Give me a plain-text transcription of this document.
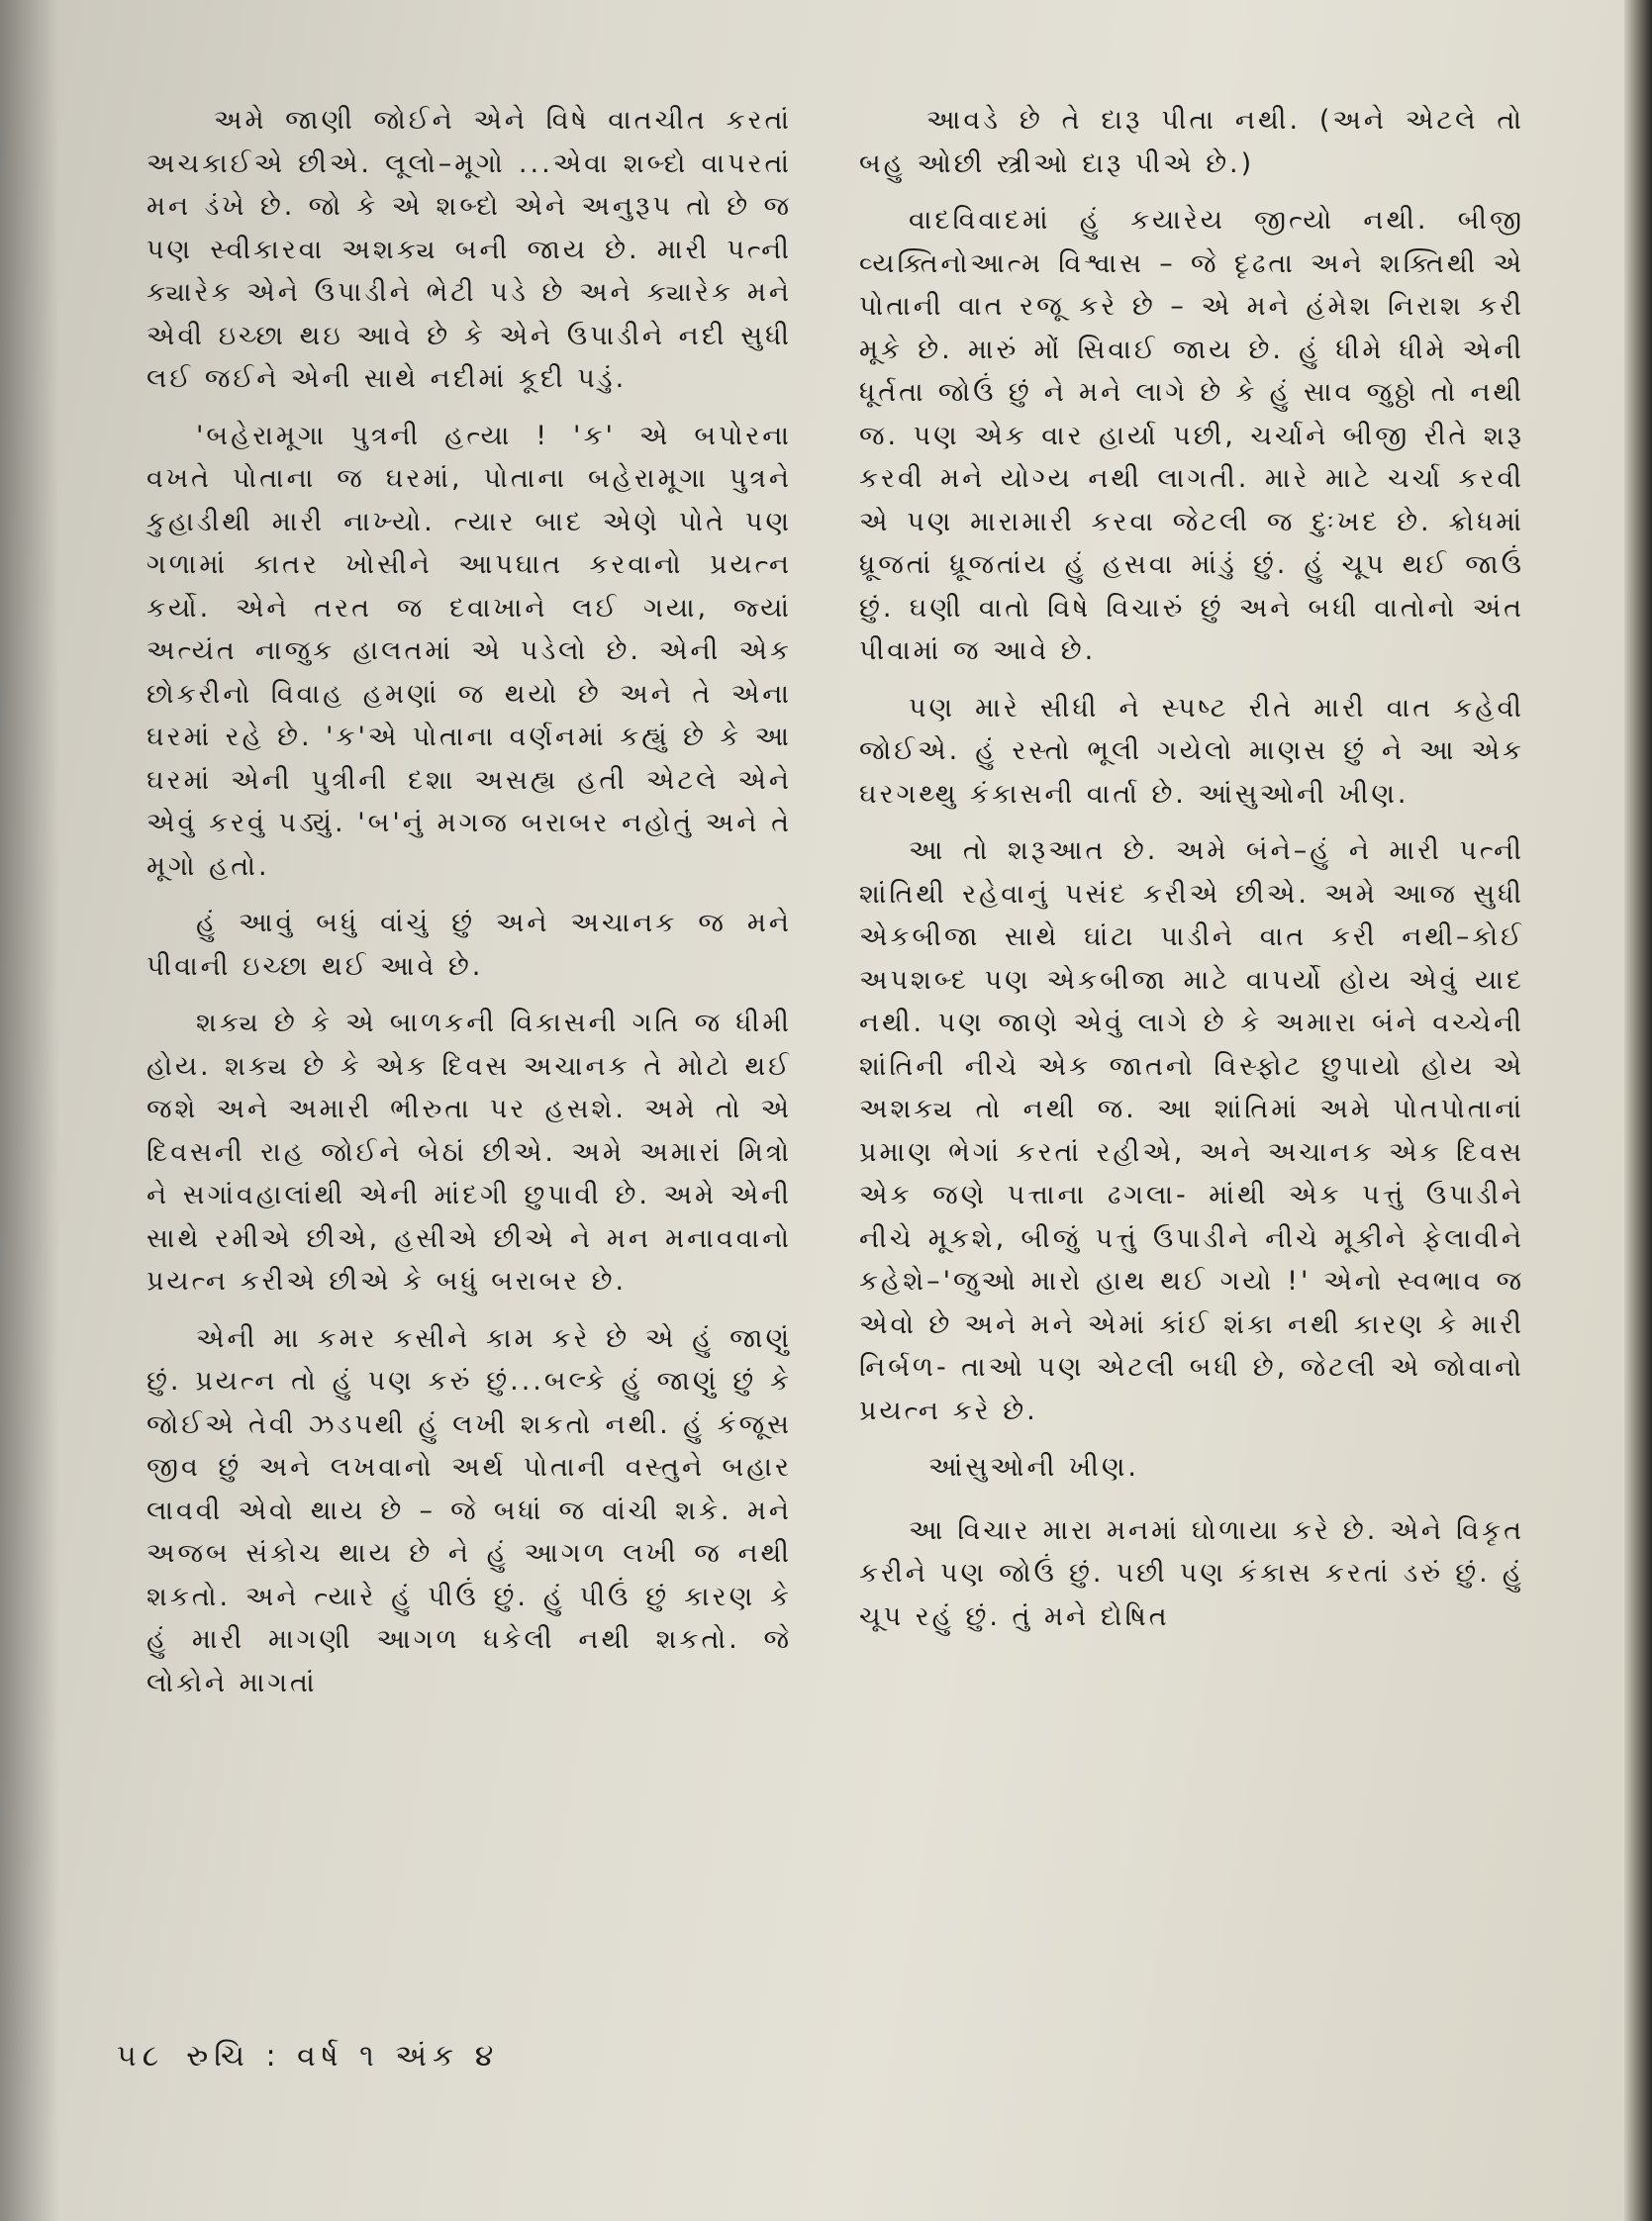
અમે જાણી જોઈને એને વિષે વાતચીત કરતાં અચકાઈએ છીએ. લૂલો–મૂગો ...એવા શબ્દો વાપરતાં મન ડંખે છે. જો કે એ શબ્દો એને અનુરૂપ તો છે જ પણ સ્વીકારવા અશક્ય બની જાય છે. મારી પત્ની ક્યારેક એને ઉપાડીને ભેટી પડે છે અને ક્યારેક મને એવી ઇચ્છા થઇ આવે છે કે એને ઉપાડીને નદી સુધી લઈ જઈને એની સાથે નદીમાં કૂદી પડું.

'બહેરામૂગા પુત્રની હત્યા ! 'ક' એ બપોરના વખતે પોતાના જ ઘરમાં, પોતાના બહેરામૂગા પુત્રને કુહાડીથી મારી નાખ્યો. ત્યાર બાદ એણે પોતે પણ ગળામાં કાતર ખોસીને આપઘાત કરવાનો પ્રયત્ન કર્યો. એને તરત જ દવાખાને લઈ ગયા, જ્યાં અત્યંત નાજુક હાલતમાં એ પડેલો છે. એની એક છોકરીનો વિવાહ હમણાં જ થયો છે અને તે એના ઘરમાં રહે છે. 'ક'એ પોતાના વર્ણનમાં કહ્યું છે કે આ ઘરમાં એની પુત્રીની દશા અસહ્ય હતી એટલે એને એવું કરવું પડ્યું. 'બ'નું મગજ બરાબર નહોતું અને તે મૂગો હતો.

હું આવું બધું વાંચું છું અને અચાનક જ મને પીવાની ઇચ્છા થઈ આવે છે.

શક્ય છે કે એ બાળકની વિકાસની ગતિ જ ધીમી હોય. શક્ય છે કે એક દિવસ અચાનક તે મોટો થઈ જશે અને અમારી ભીરુતા પર હસશે. અમે તો એ દિવસની રાહ જોઈને બેઠાં છીએ. અમે અમારાં મિત્રો ને સગાંવહાલાંથી એની માંદગી છુપાવી છે. અમે એની સાથે રમીએ છીએ, હસીએ છીએ ને મન મનાવવાનો પ્રયત્ન કરીએ છીએ કે બધું બરાબર છે.

એની મા કમર કસીને કામ કરે છે એ હું જાણું છું. પ્રયત્ન તો હું પણ કરું છું...બલ્કે હું જાણું છું કે જોઈએ તેવી ઝડપથી હું લખી શકતો નથી. હું કંજૂસ જીવ છું અને લખવાનો અર્થ પોતાની વસ્તુને બહાર લાવવી એવો થાય છે – જે બધાં જ વાંચી શકે. મને અજબ સંકોચ થાય છે ને હું આગળ લખી જ નથી શકતો. અને ત્યારે હું પીઉં છું. હું પીઉં છું કારણ કે હું મારી માગણી આગળ ધકેલી નથી શકતો. જે લોકોને માગતાં

આવડે છે તે દારૂ પીતા નથી. (અને એટલે તો બહુ ઓછી સ્ત્રીઓ દારૂ પીએ છે.)

વાદવિવાદમાં હું કયારેય જીત્યો નથી. બીજી વ્યક્તિનોઆત્મ વિશ્વાસ – જે દૃઢતા અને શક્તિથી એ પોતાની વાત રજૂ કરે છે – એ મને હંમેશ નિરાશ કરી મૂકે છે. મારું મોં સિવાઈ જાય છે. હું ધીમે ધીમે એની ધૂર્તતા જોઉં છું ને મને લાગે છે કે હું સાવ જુઠ્ઠો તો નથી જ. પણ એક વાર હાર્યા પછી, ચર્ચાને બીજી રીતે શરૂ કરવી મને યોગ્ય નથી લાગતી. મારે માટે ચર્ચા કરવી એ પણ મારામારી કરવા જેટલી જ દુઃખદ છે. ક્રોધમાં ધ્રૂજતાં ધ્રૂજતાંય હું હસવા માંડું છું. હું ચૂપ થઈ જાઉં છું. ઘણી વાતો વિષે વિચારું છું અને બધી વાતોનો અંત પીવામાં જ આવે છે.

પણ મારે સીધી ને સ્પષ્ટ રીતે મારી વાત કહેવી જોઈએ. હું રસ્તો ભૂલી ગયેલો માણસ છું ને આ એક ઘરગથ્થુ કંકાસની વાર્તા છે. આંસુઓની ખીણ.

આ તો શરૂઆત છે. અમે બંને–હું ને મારી પત્ની શાંતિથી રહેવાનું પસંદ કરીએ છીએ. અમે આજ સુધી એકબીજા સાથે ઘાંટા પાડીને વાત કરી નથી–કોઈ અપશબ્દ પણ એકબીજા માટે વાપર્યો હોય એવું યાદ નથી. પણ જાણે એવું લાગે છે કે અમારા બંને વચ્ચેની શાંતિની નીચે એક જાતનો વિસ્ફોટ છુપાયો હોય એ અશક્ય તો નથી જ. આ શાંતિમાં અમે પોતપોતાનાં પ્રમાણ ભેગાં કરતાં રહીએ, અને અચાનક એક દિવસ એક જણે પત્તાના ઢગલા- માંથી એક પત્તું ઉપાડીને નીચે મૂકશે, બીજું પત્તું ઉપાડીને નીચે મૂકીને ફેલાવીને કહેશે–'જુઓ મારો હાથ થઈ ગયો !' એનો સ્વભાવ જ એવો છે અને મને એમાં કાંઈ શંકા નથી કારણ કે મારી નિર્બળ- તાઓ પણ એટલી બધી છે, જેટલી એ જોવાનો પ્રયત્ન કરે છે.

આંસુઓની ખીણ.

આ વિચાર મારા મનમાં ઘોળાયા કરે છે. એને વિકૃત કરીને પણ જોઉં છું. પછી પણ કંકાસ કરતાં ડરું છું. હું ચૂપ રહું છું. તું મને દોષિત

૫૮ રુચિ : વર્ષ ૧ અંક ૪
